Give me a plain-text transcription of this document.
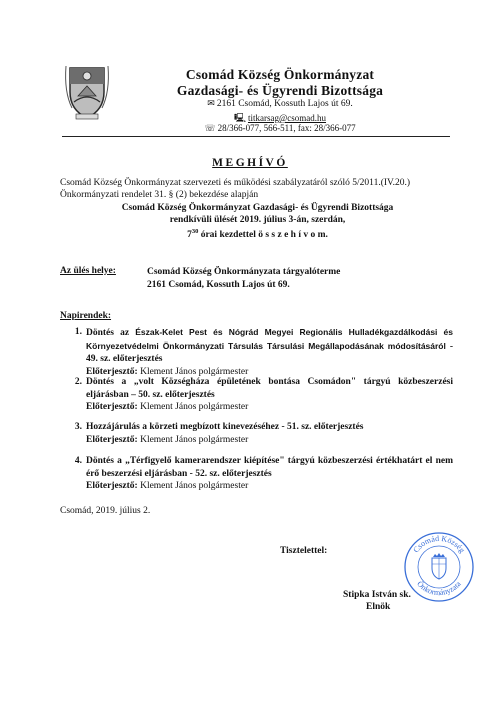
Csomád Község Önkormányzat
Gazdasági- és Ügyrendi Bizottsága
✉ 2161 Csomád, Kossuth Lajos út 69.
🖳 titkarsag@csomad.hu
☏ 28/366-077, 566-511, fax: 28/366-077
MEGHÍVÓ
Csomád Község Önkormányzat szervezeti és működési szabályzatáról szóló 5/2011.(IV.20.)
Önkormányzati rendelet 31. § (2) bekezdése alapján
Csomád Község Önkormányzat Gazdasági- és Ügyrendi Bizottsága
rendkívüli ülését 2019. július 3-án, szerdán,
$7^{30}$ órai kezdettel ö s s z e h í v o m.
Az ülés helye:	Csomád Község Önkormányzata tárgyalóterme
2161 Csomád, Kossuth Lajos út 69.
Napirendek:
1. Döntés az Észak-Kelet Pest és Nógrád Megyei Regionális Hulladékgazdálkodási és Környezetvédelmi Önkormányzati Társulás Társulási Megállapodásának módosításáról - 49. sz. előterjesztés
Előterjesztő: Klement János polgármester
2. Döntés a „volt Községháza épületének bontása Csomádon" tárgyú közbeszerzési eljárásban – 50. sz. előterjesztés
Előterjesztő: Klement János polgármester
3. Hozzájárulás a körzeti megbízott kinevezéséhez - 51. sz. előterjesztés
Előterjesztő: Klement János polgármester
4. Döntés a „Térfigyelő kamerarendszer kiépítése" tárgyú közbeszerzési értékhatárt el nem érő beszerzési eljárásban - 52. sz. előterjesztés
Előterjesztő: Klement János polgármester
Csomád, 2019. július 2.
Tisztelettel:
Stipka István sk.
Elnök
Csomád Község
Önkormányzata
